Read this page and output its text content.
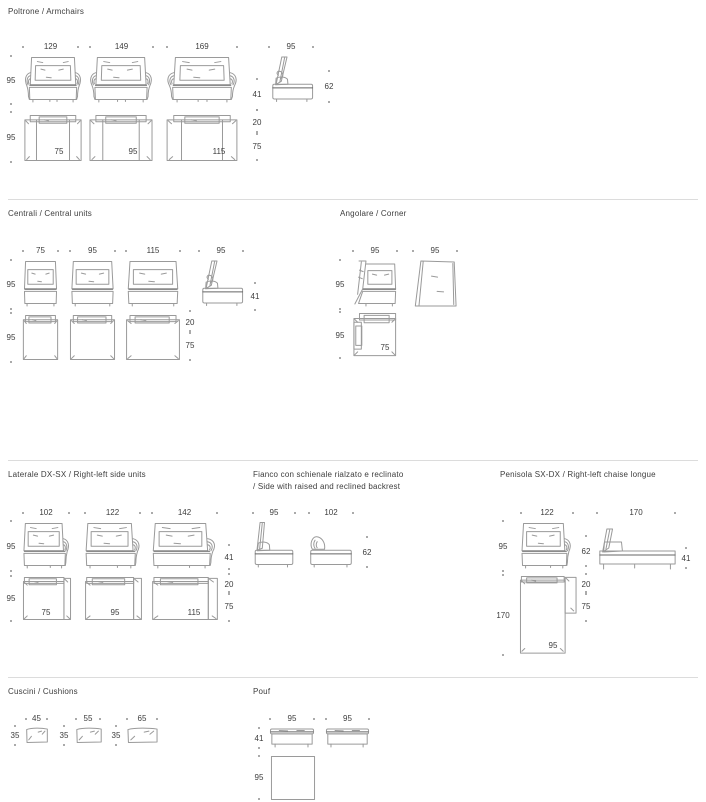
Poltrone / Armchairs
129	149	169	95
95
41
62
95
20
75
75	95	115
Centrali / Central units	Angolare / Corner
75	95	115	95	95	95
95
41
95
95
20
75
95
75
Laterale DX-SX / Right-left side units	Fianco con schienale rialzato e reclinato
/ Side with raised and reclined backrest
Penisola SX-DX / Right-left chaise longue
102	122	142	95	102	122	170
95
41
62
95
62
41
95
20
75
170
20
75
75	95	115
95
Cuscini / Cushions	Pouf
45	55	65	95	95
35	35	35	41
95
